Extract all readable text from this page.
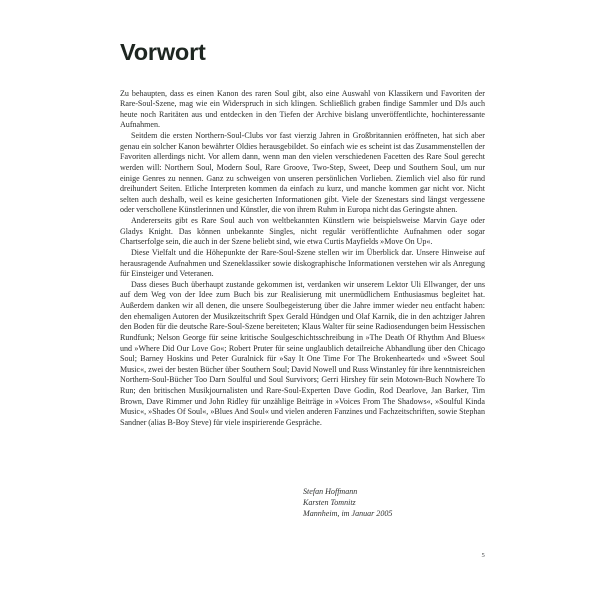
Vorwort

Zu behaupten, dass es einen Kanon des raren Soul gibt, also eine Auswahl von Klassikern und Favoriten der Rare-Soul-Szene, mag wie ein Widerspruch in sich klingen. Schließlich graben findige Sammler und DJs auch heute noch Raritäten aus und entdecken in den Tiefen der Archive bislang unveröffentlichte, hochinteressante Aufnahmen.

Seitdem die ersten Northern-Soul-Clubs vor fast vierzig Jahren in Großbritannien eröffneten, hat sich aber genau ein solcher Kanon bewährter Oldies herausgebildet. So einfach wie es scheint ist das Zusammenstellen der Favoriten allerdings nicht. Vor allem dann, wenn man den vielen verschiedenen Facetten des Rare Soul gerecht werden will: Northern Soul, Modern Soul, Rare Groove, Two-Step, Sweet, Deep und Southern Soul, um nur einige Genres zu nennen. Ganz zu schweigen von unseren persönlichen Vorlieben. Ziemlich viel also für rund dreihundert Seiten. Etliche Interpreten kommen da einfach zu kurz, und manche kommen gar nicht vor. Nicht selten auch deshalb, weil es keine gesicherten Informationen gibt. Viele der Szenestars sind längst vergessene oder verschollene Künstlerinnen und Künstler, die von ihrem Ruhm in Europa nicht das Geringste ahnen.

Andererseits gibt es Rare Soul auch von weltbekannten Künstlern wie beispielsweise Marvin Gaye oder Gladys Knight. Das können unbekannte Singles, nicht regulär veröffentlichte Aufnahmen oder sogar Chartserfolge sein, die auch in der Szene beliebt sind, wie etwa Curtis Mayfields »Move On Up«.

Diese Vielfalt und die Höhepunkte der Rare-Soul-Szene stellen wir im Überblick dar. Unsere Hinweise auf herausragende Aufnahmen und Szeneklassiker sowie diskographische Informationen verstehen wir als Anregung für Einsteiger und Veteranen.

Dass dieses Buch überhaupt zustande gekommen ist, verdanken wir unserem Lektor Uli Ellwanger, der uns auf dem Weg von der Idee zum Buch bis zur Realisierung mit unermüdlichem Enthusiasmus begleitet hat. Außerdem danken wir all denen, die unsere Soulbegeisterung über die Jahre immer wieder neu entfacht haben: den ehemaligen Autoren der Musikzeitschrift Spex Gerald Hündgen und Olaf Karnik, die in den achtziger Jahren den Boden für die deutsche Rare-Soul-Szene bereiteten; Klaus Walter für seine Radiosendungen beim Hessischen Rundfunk; Nelson George für seine kritische Soulgeschichtsschreibung in »The Death Of Rhythm And Blues« und »Where Did Our Love Go«; Robert Pruter für seine unglaublich detailreiche Abhandlung über den Chicago Soul; Barney Hoskins und Peter Guralnick für »Say It One Time For The Brokenhearted« und »Sweet Soul Music«, zwei der besten Bücher über Southern Soul; David Nowell und Russ Winstanley für ihre kenntnisreichen Northern-Soul-Bücher Too Darn Soulful und Soul Survivors; Gerri Hirshey für sein Motown-Buch Nowhere To Run; den britischen Musikjournalisten und Rare-Soul-Experten Dave Godin, Rod Dearlove, Jan Barker, Tim Brown, Dave Rimmer und John Ridley für unzählige Beiträge in »Voices From The Shadows«, »Soulful Kinda Music«, »Shades Of Soul«, »Blues And Soul« und vielen anderen Fanzines und Fachzeitschriften, sowie Stephan Sandner (alias B-Boy Steve) für viele inspirierende Gespräche.

Stefan Hoffmann
Karsten Tomnitz
Mannheim, im Januar 2005
5
